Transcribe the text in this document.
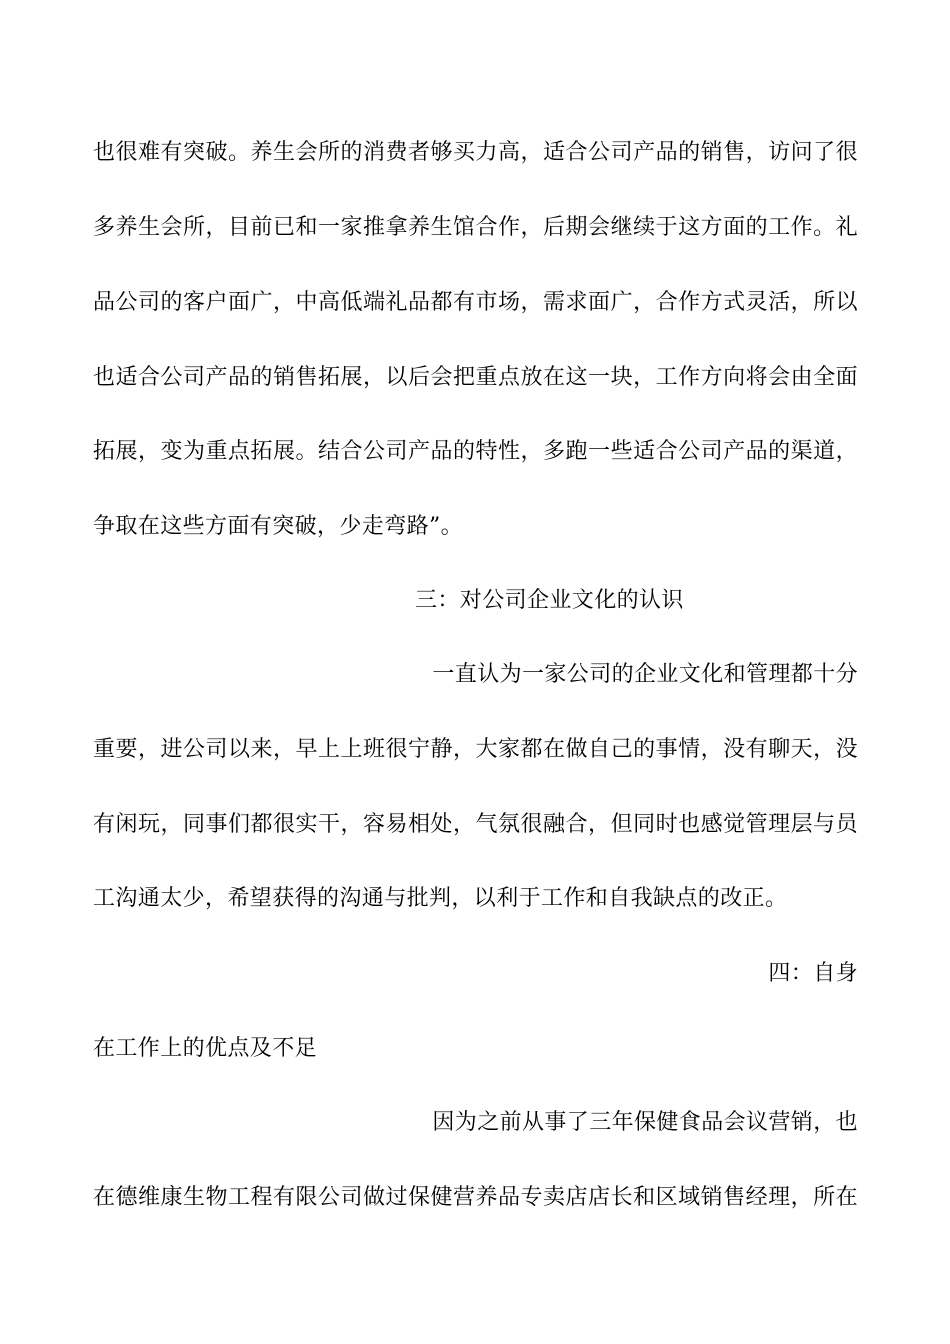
也很难有突破。养生会所的消费者够买力高，适合公司产品的销售，访问了很
多养生会所，目前已和一家推拿养生馆合作，后期会继续于这方面的工作。礼
品公司的客户面广，中高低端礼品都有市场，需求面广，合作方式灵活，所以
也适合公司产品的销售拓展，以后会把重点放在这一块，工作方向将会由全面
拓展，变为重点拓展。结合公司产品的特性，多跑一些适合公司产品的渠道，
争取在这些方面有突破，少走弯路”。
三：对公司企业文化的认识
一直认为一家公司的企业文化和管理都十分
重要，进公司以来，早上上班很宁静，大家都在做自己的事情，没有聊天，没
有闲玩，同事们都很实干，容易相处，气氛很融合，但同时也感觉管理层与员
工沟通太少，希望获得的沟通与批判，以利于工作和自我缺点的改正。
四：自身
在工作上的优点及不足
因为之前从事了三年保健食品会议营销，也
在德维康生物工程有限公司做过保健营养品专卖店店长和区域销售经理，所在
